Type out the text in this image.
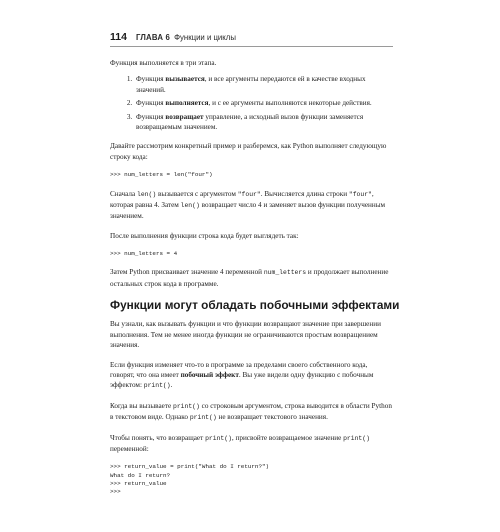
114 ГЛАВА 6 Функции и циклы

Функция выполняется в три этапа.

1. Функция вызывается, и все аргументы передаются ей в качестве входных значений.
2. Функция выполняется, и с ее аргументы выполняются некоторые действия.
3. Функция возвращает управление, а исходный вызов функции заменяется возвращаемым значением.

Давайте рассмотрим конкретный пример и разберемся, как Python выполняет следующую строку кода:

>>> num_letters = len("four")

Сначала len() вызывается с аргументом "four". Вычисляется длина строки "four", которая равна 4. Затем len() возвращает число 4 и заменяет вызов функции полученным значением.

После выполнения функции строка кода будет выглядеть так:

>>> num_letters = 4

Затем Python присваивает значение 4 переменной num_letters и продолжает выполнение остальных строк кода в программе.

Функции могут обладать побочными эффектами

Вы узнали, как вызывать функции и что функции возвращают значение при завершении выполнения. Тем не менее иногда функции не ограничиваются простым возвращением значения.

Если функция изменяет что-то в программе за пределами своего собственного кода, говорят, что она имеет побочный эффект. Вы уже видели одну функцию с побочным эффектом: print().

Когда вы вызываете print() со строковым аргументом, строка выводится в области Python в текстовом виде. Однако print() не возвращает текстового значения.

Чтобы понять, что возвращает print(), присвойте возвращаемое значение print() переменной:

>>> return_value = print("What do I return?")
What do I return?
>>> return_value
>>>
